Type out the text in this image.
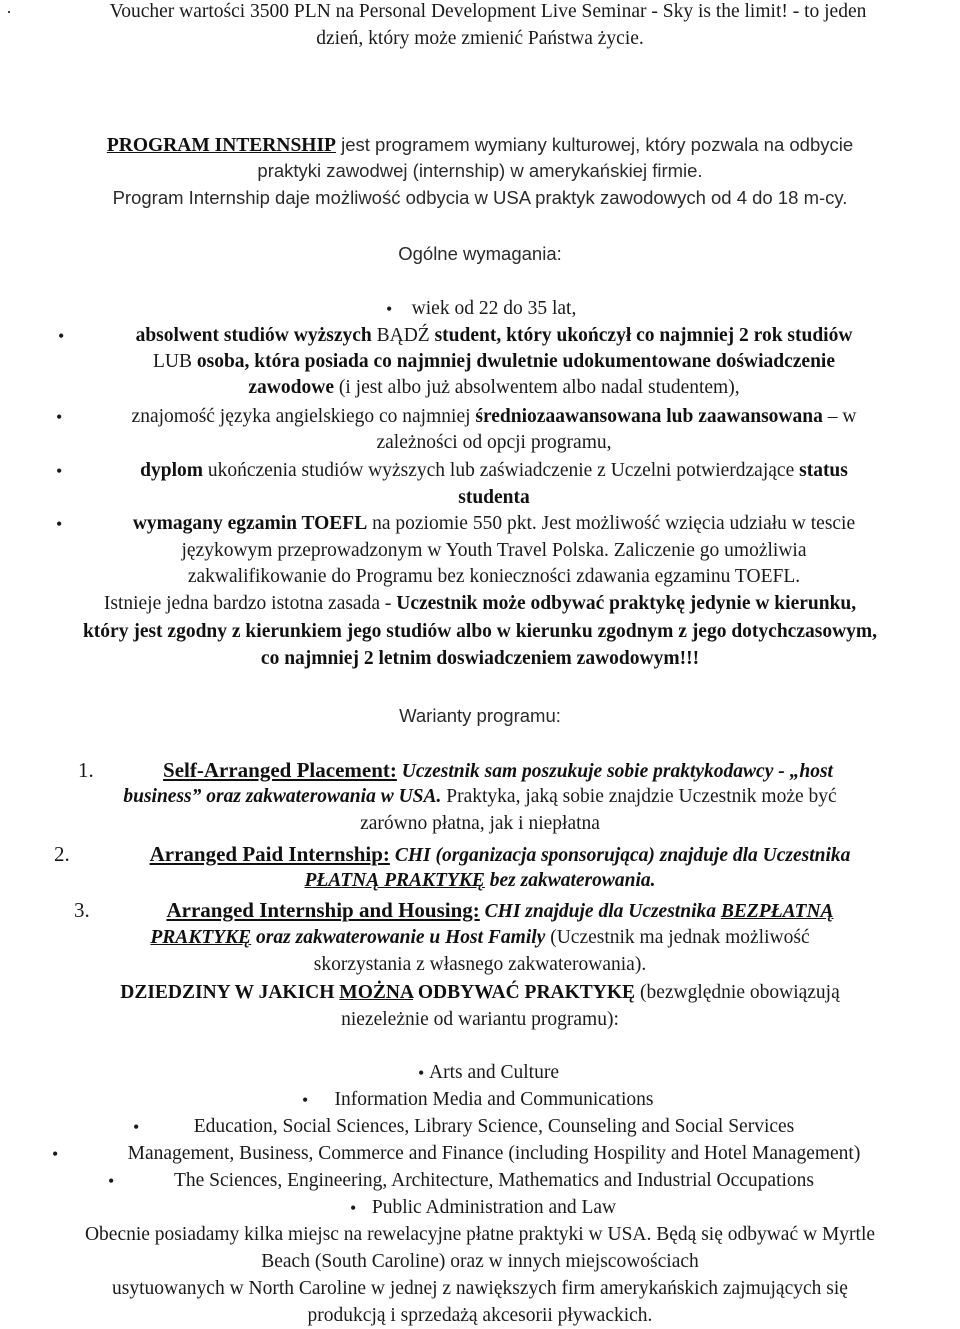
·	Voucher wartości 3500 PLN na Personal Development Live Seminar - Sky is the limit! - to jeden
dzień, który może zmienić Państwa życie.
PROGRAM INTERNSHIP jest programem wymiany kulturowej, który pozwala na odbycie
praktyki zawodwej (internship) w amerykańskiej firmie.
Program Internship daje możliwość odbycia w USA praktyk zawodowych od 4 do 18 m-cy.
Ogólne wymagania:
• wiek od 22 do 35 lat,
•	absolwent studiów wyższych BĄDŹ student, który ukończył co najmniej 2 rok studiów
LUB osoba, która posiada co najmniej dwuletnie udokumentowane doświadczenie
zawodowe (i jest albo już absolwentem albo nadal studentem),
•	znajomość języka angielskiego co najmniej średniozaawansowana lub zaawansowana – w
zależności od opcji programu,
•	dyplom ukończenia studiów wyższych lub zaświadczenie z Uczelni potwierdzające status
studenta
•	wymagany egzamin TOEFL na poziomie 550 pkt. Jest możliwość wzięcia udziału w tescie
językowym przeprowadzonym w Youth Travel Polska. Zaliczenie go umożliwia
zakwalifikowanie do Programu bez konieczności zdawania egzaminu TOEFL.
Istnieje jedna bardzo istotna zasada - Uczestnik może odbywać praktykę jedynie w kierunku,
który jest zgodny z kierunkiem jego studiów albo w kierunku zgodnym z jego dotychczasowym,
co najmniej 2 letnim doswiadczeniem zawodowym!!!
Warianty programu:
1.	Self-Arranged Placement: Uczestnik sam poszukuje sobie praktykodawcy - „host
business” oraz zakwaterowania w USA. Praktyka, jaką sobie znajdzie Uczestnik może być
zarówno płatna, jak i niepłatna
2.	Arranged Paid Internship: CHI (organizacja sponsorująca) znajduje dla Uczestnika
PŁATNĄ PRAKTYKĘ bez zakwaterowania.
3.	Arranged Internship and Housing: CHI znajduje dla Uczestnika BEZPŁATNĄ
PRAKTYKĘ oraz zakwaterowanie u Host Family (Uczestnik ma jednak możliwość
skorzystania z własnego zakwaterowania).
DZIEDZINY W JAKICH MOŻNA ODBYWAĆ PRAKTYKĘ (bezwględnie obowiązują
niezeleżnie od wariantu programu):
• Arts and Culture
•	Information Media and Communications
•	Education, Social Sciences, Library Science, Counseling and Social Services
•	Management, Business, Commerce and Finance (including Hospility and Hotel Management)
•	The Sciences, Engineering, Architecture, Mathematics and Industrial Occupations
• Public Administration and Law
Obecnie posiadamy kilka miejsc na rewelacyjne płatne praktyki w USA. Będą się odbywać w Myrtle
Beach (South Caroline) oraz w innych miejscowościach
usytuowanych w North Caroline w jednej z nawiększych firm amerykańskich zajmujących się
produkcją i sprzedażą akcesorii pływackich.
